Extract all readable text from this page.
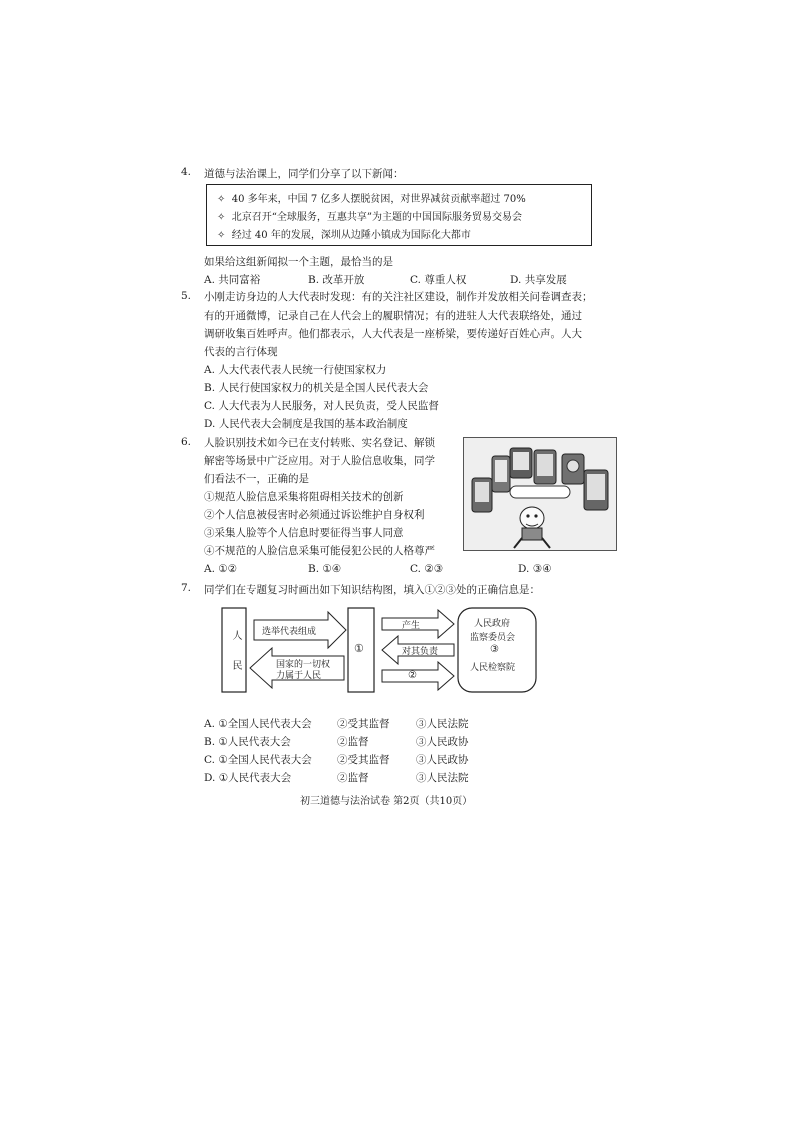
4. 道德与法治课上，同学们分享了以下新闻：
✧ 40 多年来，中国 7 亿多人摆脱贫困，对世界减贫贡献率超过 70%
✧ 北京召开“全球服务，互惠共享”为主题的中国国际服务贸易交易会
✧ 经过 40 年的发展，深圳从边陲小镇成为国际化大都市
如果给这组新闻拟一个主题，最恰当的是
A. 共同富裕	B. 改革开放	C. 尊重人权	D. 共享发展
5. 小刚走访身边的人大代表时发现：有的关注社区建设，制作并发放相关问卷调查表；
有的开通微博，记录自己在人代会上的履职情况；有的进驻人大代表联络处，通过
调研收集百姓呼声。他们都表示，人大代表是一座桥梁，要传递好百姓心声。人大
代表的言行体现
A. 人大代表代表人民统一行使国家权力
B. 人民行使国家权力的机关是全国人民代表大会
C. 人大代表为人民服务，对人民负责，受人民监督
D. 人民代表大会制度是我国的基本政治制度
6. 人脸识别技术如今已在支付转账、实名登记、解锁
解密等场景中广泛应用。对于人脸信息收集，同学
们看法不一，正确的是
①规范人脸信息采集将阻碍相关技术的创新
②个人信息被侵害时必须通过诉讼维护自身权利
③采集人脸等个人信息时要征得当事人同意
④不规范的人脸信息采集可能侵犯公民的人格尊严
A. ①②	B. ①④	C. ②③	D. ③④
7. 同学们在专题复习时画出如下知识结构图，填入①②③处的正确信息是：
人民 选举代表组成
国家的一切权力属于人民
①
产生
对其负责
②
人民政府
监察委员会
③
人民检察院
A. ①全国人民代表大会 ②受其监督	③人民法院
B. ①人民代表大会	②监督	③人民政协
C. ①全国人民代表大会 ②受其监督	③人民政协
D. ①人民代表大会	②监督	③人民法院
初三道德与法治试卷 第2页（共10页）
